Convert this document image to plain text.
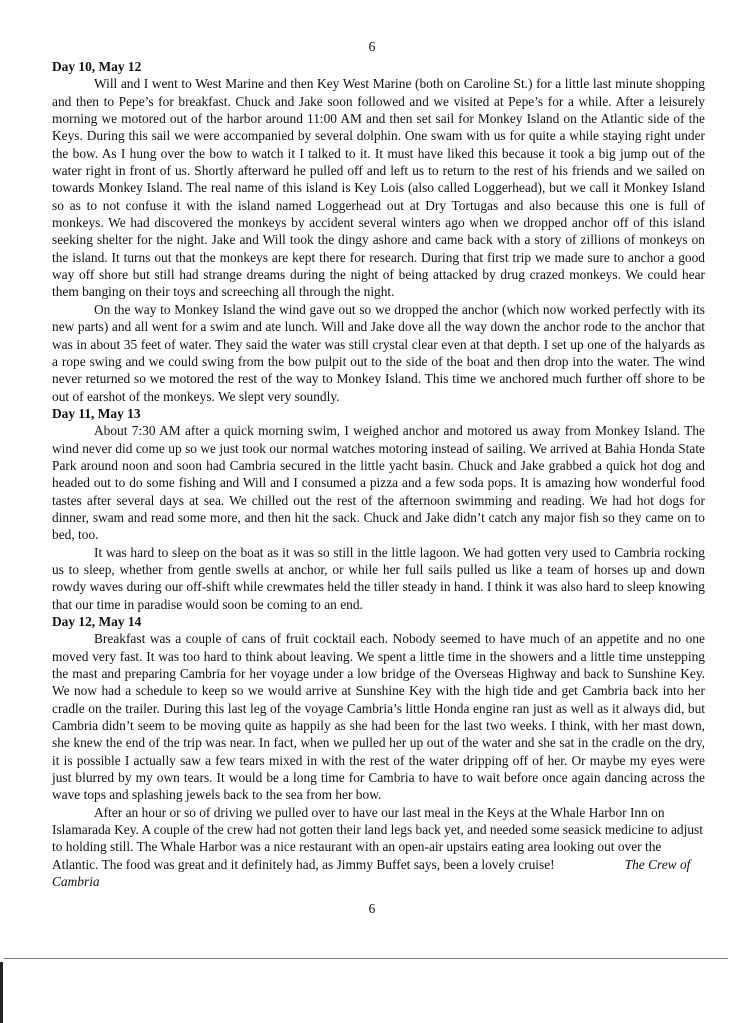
6

Day 10, May 12

Will and I went to West Marine and then Key West Marine (both on Caroline St.) for a little last minute shopping and then to Pepe’s for breakfast. Chuck and Jake soon followed and we visited at Pepe’s for a while. After a leisurely morning we motored out of the harbor around 11:00 AM and then set sail for Monkey Island on the Atlantic side of the Keys. During this sail we were accompanied by several dolphin. One swam with us for quite a while staying right under the bow. As I hung over the bow to watch it I talked to it. It must have liked this because it took a big jump out of the water right in front of us. Shortly afterward he pulled off and left us to return to the rest of his friends and we sailed on towards Monkey Island. The real name of this island is Key Lois (also called Loggerhead), but we call it Monkey Island so as to not confuse it with the island named Loggerhead out at Dry Tortugas and also because this one is full of monkeys. We had discovered the monkeys by accident several winters ago when we dropped anchor off of this island seeking shelter for the night. Jake and Will took the dingy ashore and came back with a story of zillions of monkeys on the island. It turns out that the monkeys are kept there for research. During that first trip we made sure to anchor a good way off shore but still had strange dreams during the night of being attacked by drug crazed monkeys. We could hear them banging on their toys and screeching all through the night.

On the way to Monkey Island the wind gave out so we dropped the anchor (which now worked perfectly with its new parts) and all went for a swim and ate lunch. Will and Jake dove all the way down the anchor rode to the anchor that was in about 35 feet of water. They said the water was still crystal clear even at that depth. I set up one of the halyards as a rope swing and we could swing from the bow pulpit out to the side of the boat and then drop into the water. The wind never returned so we motored the rest of the way to Monkey Island. This time we anchored much further off shore to be out of earshot of the monkeys. We slept very soundly.

Day 11, May 13

About 7:30 AM after a quick morning swim, I weighed anchor and motored us away from Monkey Island. The wind never did come up so we just took our normal watches motoring instead of sailing. We arrived at Bahia Honda State Park around noon and soon had Cambria secured in the little yacht basin. Chuck and Jake grabbed a quick hot dog and headed out to do some fishing and Will and I consumed a pizza and a few soda pops. It is amazing how wonderful food tastes after several days at sea. We chilled out the rest of the afternoon swimming and reading. We had hot dogs for dinner, swam and read some more, and then hit the sack. Chuck and Jake didn’t catch any major fish so they came on to bed, too.

It was hard to sleep on the boat as it was so still in the little lagoon. We had gotten very used to Cambria rocking us to sleep, whether from gentle swells at anchor, or while her full sails pulled us like a team of horses up and down rowdy waves during our off-shift while crewmates held the tiller steady in hand. I think it was also hard to sleep knowing that our time in paradise would soon be coming to an end.

Day 12, May 14

Breakfast was a couple of cans of fruit cocktail each. Nobody seemed to have much of an appetite and no one moved very fast. It was too hard to think about leaving. We spent a little time in the showers and a little time unstepping the mast and preparing Cambria for her voyage under a low bridge of the Overseas Highway and back to Sunshine Key. We now had a schedule to keep so we would arrive at Sunshine Key with the high tide and get Cambria back into her cradle on the trailer. During this last leg of the voyage Cambria’s little Honda engine ran just as well as it always did, but Cambria didn’t seem to be moving quite as happily as she had been for the last two weeks. I think, with her mast down, she knew the end of the trip was near. In fact, when we pulled her up out of the water and she sat in the cradle on the dry, it is possible I actually saw a few tears mixed in with the rest of the water dripping off of her. Or maybe my eyes were just blurred by my own tears. It would be a long time for Cambria to have to wait before once again dancing across the wave tops and splashing jewels back to the sea from her bow.

After an hour or so of driving we pulled over to have our last meal in the Keys at the Whale Harbor Inn on Islamarada Key. A couple of the crew had not gotten their land legs back yet, and needed some seasick medicine to adjust to holding still. The Whale Harbor was a nice restaurant with an open-air upstairs eating area looking out over the Atlantic. The food was great and it definitely had, as Jimmy Buffet says, been a lovely cruise!	The Crew of Cambria

6
